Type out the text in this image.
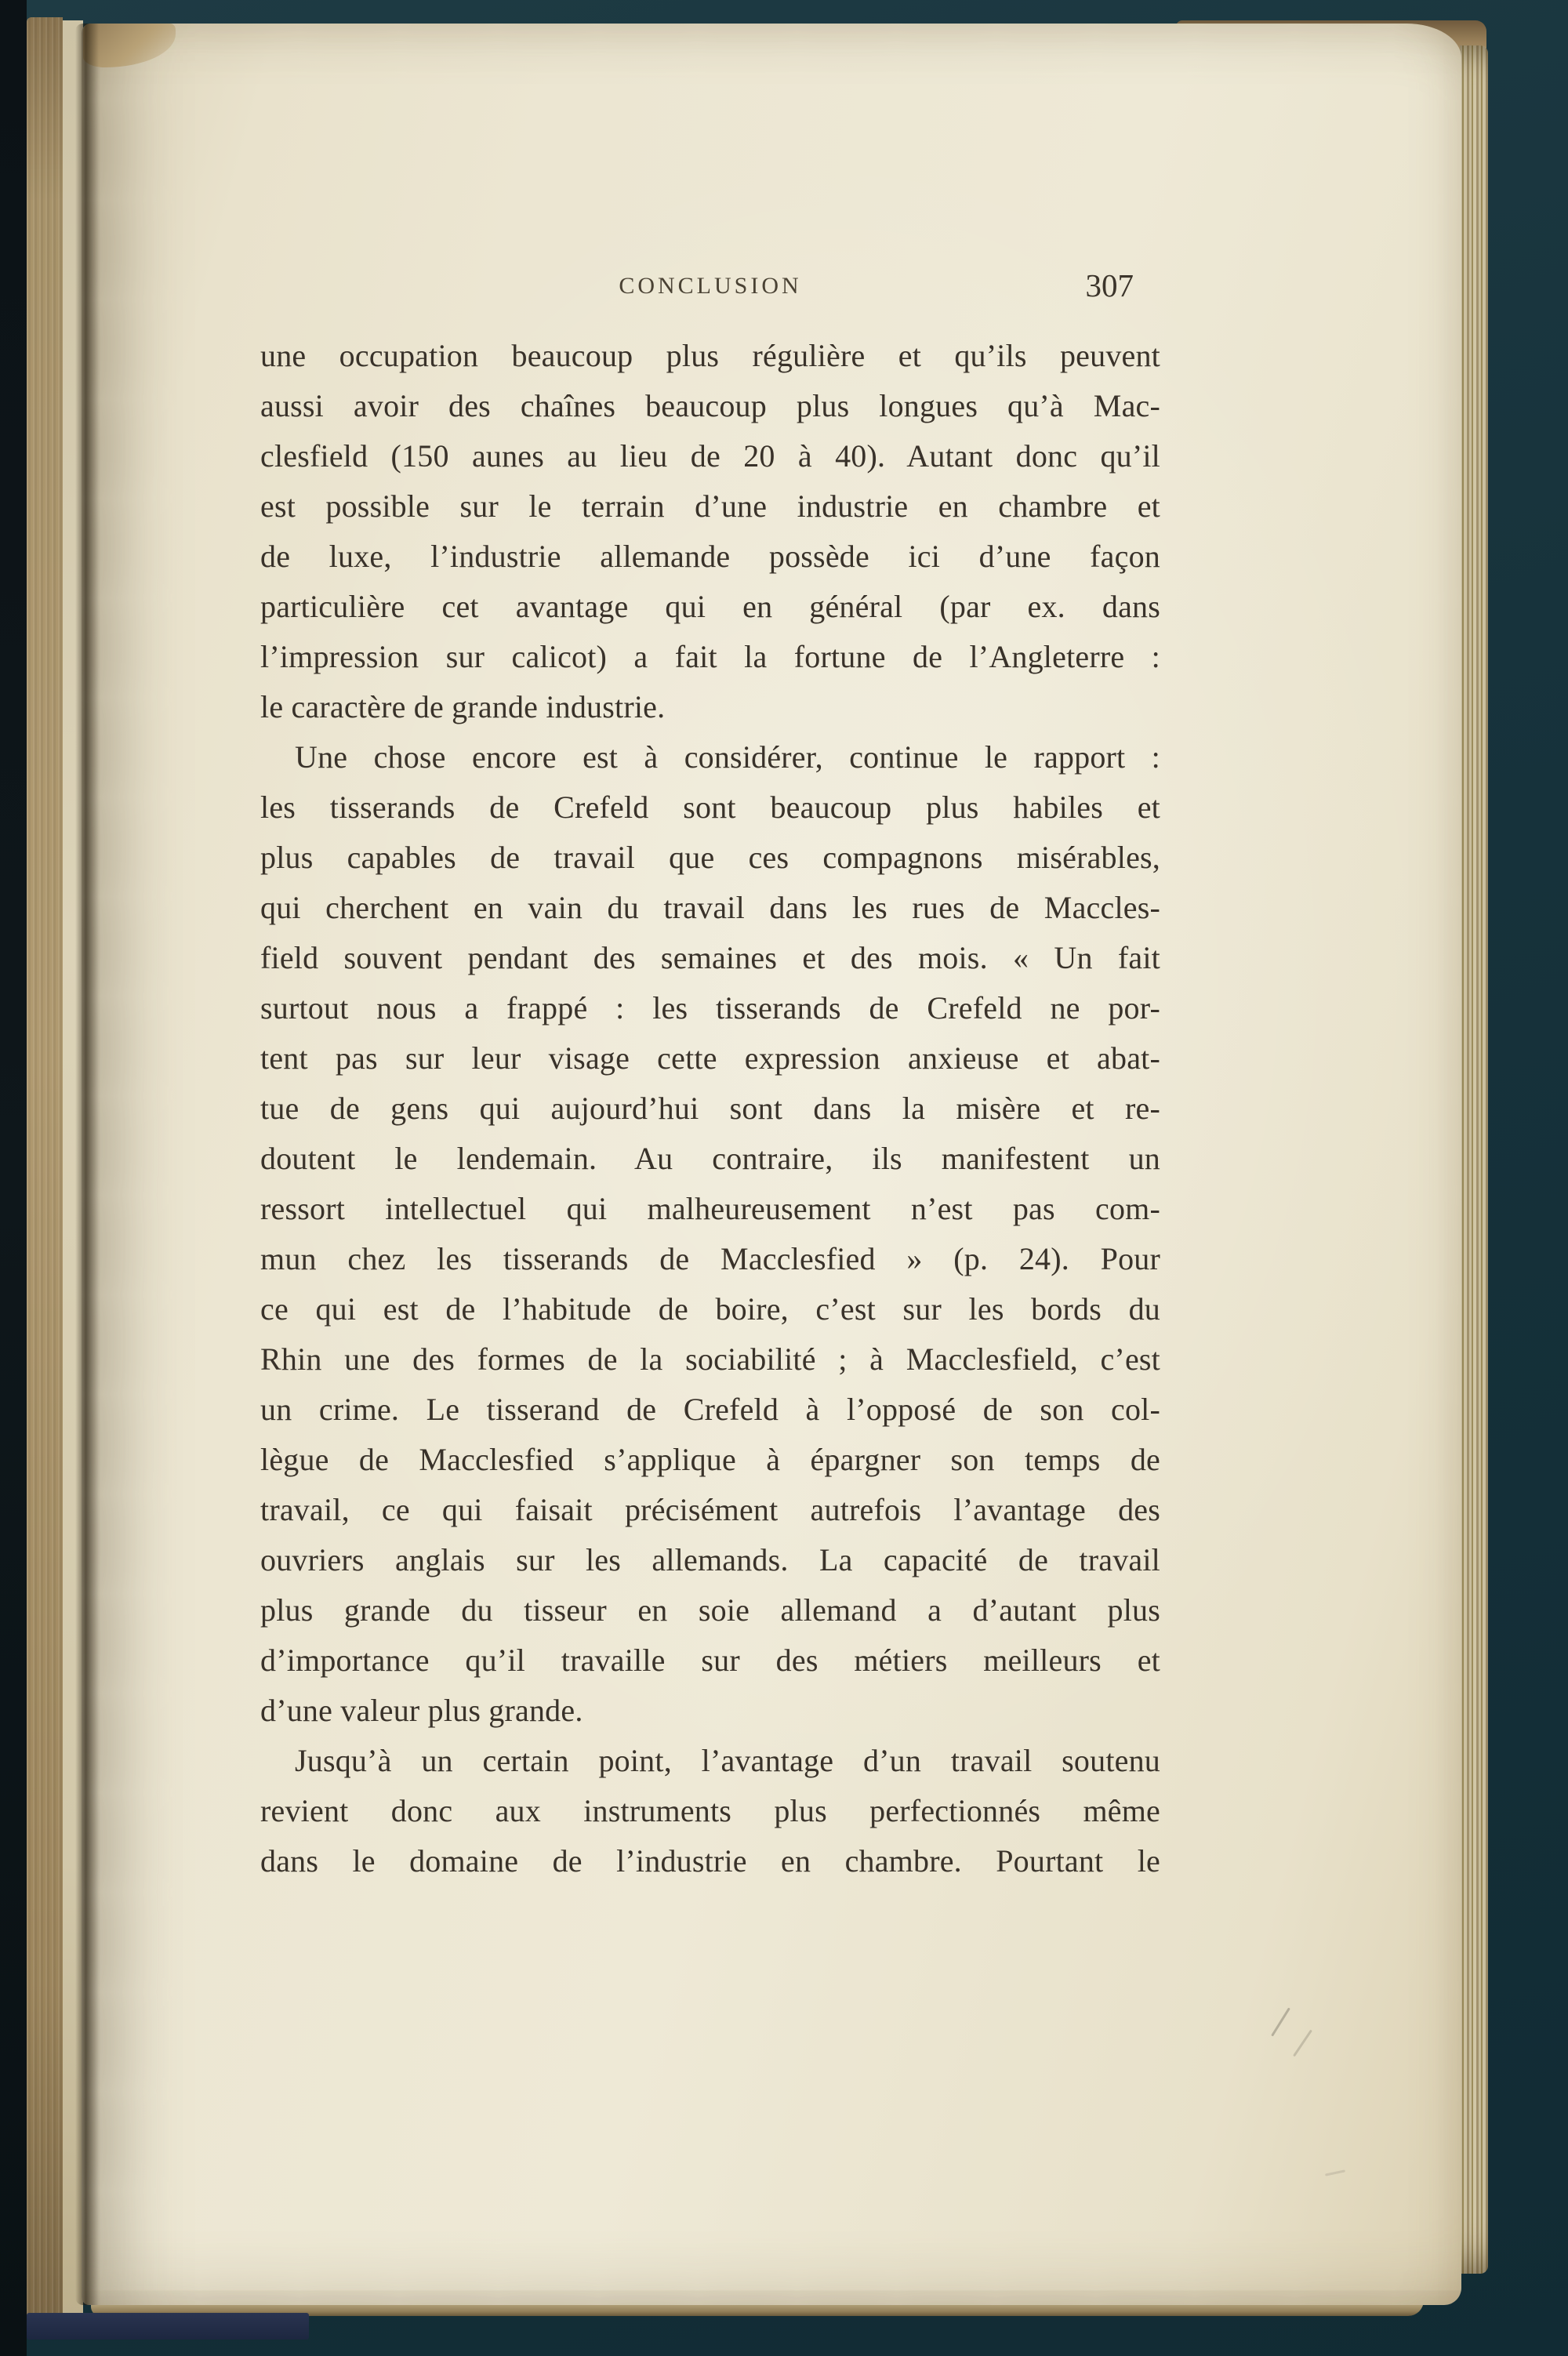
CONCLUSION	307
une occupation beaucoup plus régulière et qu’ils peuvent
aussi avoir des chaînes beaucoup plus longues qu’à Mac-
clesfield (150 aunes au lieu de 20 à 40). Autant donc qu’il
est possible sur le terrain d’une industrie en chambre et
de luxe, l’industrie allemande possède ici d’une façon
particulière cet avantage qui en général (par ex. dans
l’impression sur calicot) a fait la fortune de l’Angleterre :
le caractère de grande industrie.
Une chose encore est à considérer, continue le rapport :
les tisserands de Crefeld sont beaucoup plus habiles et
plus capables de travail que ces compagnons misérables,
qui cherchent en vain du travail dans les rues de Maccles-
field souvent pendant des semaines et des mois. « Un fait
surtout nous a frappé : les tisserands de Crefeld ne por-
tent pas sur leur visage cette expression anxieuse et abat-
tue de gens qui aujourd’hui sont dans la misère et re-
doutent le lendemain. Au contraire, ils manifestent un
ressort intellectuel qui malheureusement n’est pas com-
mun chez les tisserands de Macclesfied » (p. 24). Pour
ce qui est de l’habitude de boire, c’est sur les bords du
Rhin une des formes de la sociabilité ; à Macclesfield, c’est
un crime. Le tisserand de Crefeld à l’opposé de son col-
lègue de Macclesfied s’applique à épargner son temps de
travail, ce qui faisait précisément autrefois l’avantage des
ouvriers anglais sur les allemands. La capacité de travail
plus grande du tisseur en soie allemand a d’autant plus
d’importance qu’il travaille sur des métiers meilleurs et
d’une valeur plus grande.
Jusqu’à un certain point, l’avantage d’un travail soutenu
revient donc aux instruments plus perfectionnés même
dans le domaine de l’industrie en chambre. Pourtant le
